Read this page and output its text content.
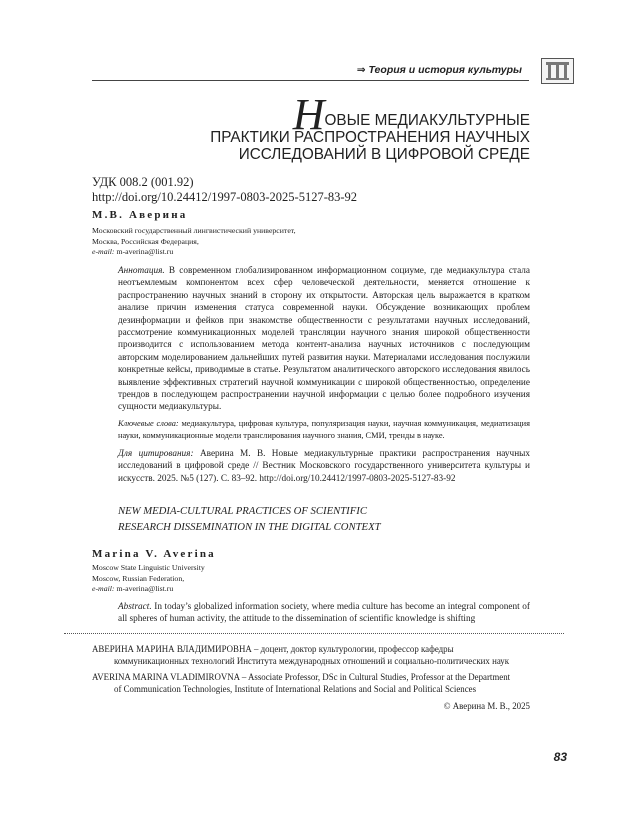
⇒ Теория и история культуры
НОВЫЕ МЕДИАКУЛЬТУРНЫЕ
ПРАКТИКИ РАСПРОСТРАНЕНИЯ НАУЧНЫХ
ИССЛЕДОВАНИЙ В ЦИФРОВОЙ СРЕДЕ
УДК 008.2 (001.92)
http://doi.org/10.24412/1997-0803-2025-5127-83-92
М.В. Аверина
Московский государственный лингвистический университет,
Москва, Российская Федерация,
e-mail: m-averina@list.ru
Аннотация. В современном глобализированном информационном социуме, где медиакультура стала неотъемлемым компонентом всех сфер человеческой деятельности, меняется отношение к распространению научных знаний в сторону их открытости. Авторская цель выражается в кратком анализе причин изменения статуса современной науки. Обсуждение возникающих проблем дезинформации и фейков при знакомстве общественности с результатами научных исследований, рассмотрение коммуникационных моделей трансляции научного знания широкой общественности производится с использованием метода контент-анализа научных источников с последующим авторским моделированием дальнейших путей развития науки. Материалами исследования послужили конкретные кейсы, приводимые в статье. Результатом аналитического авторского исследования явилось выявление эффективных стратегий научной коммуникации с широкой общественностью, определение трендов в последующем распространении научной информации с целью более подробного изучения сущности медиакультуры.
Ключевые слова: медиакультура, цифровая культура, популяризация науки, научная коммуникация, медиатизация науки, коммуникационные модели транслирования научного знания, СМИ, тренды в науке.
Для цитирования: Аверина М. В. Новые медиакультурные практики распространения научных исследований в цифровой среде // Вестник Московского государственного университета культуры и искусств. 2025. №5 (127). С. 83–92. http://doi.org/10.24412/1997-0803-2025-5127-83-92
NEW MEDIA-CULTURAL PRACTICES OF SCIENTIFIC
RESEARCH DISSEMINATION IN THE DIGITAL CONTEXT
Marina V. Averina
Moscow State Linguistic University
Moscow, Russian Federation,
e-mail: m-averina@list.ru
Abstract. In today’s globalized information society, where media culture has become an integral component of all spheres of human activity, the attitude to the dissemination of scientific knowledge is shifting
АВЕРИНА МАРИНА ВЛАДИМИРОВНА – доцент, доктор культурологии, профессор кафедры
коммуникационных технологий Института международных отношений и социально-политических наук
AVERINA MARINA VLADIMIROVNA – Associate Professor, DSc in Cultural Studies, Professor at the Department
of Communication Technologies, Institute of International Relations and Social and Political Sciences
© Аверина М. В., 2025
83
